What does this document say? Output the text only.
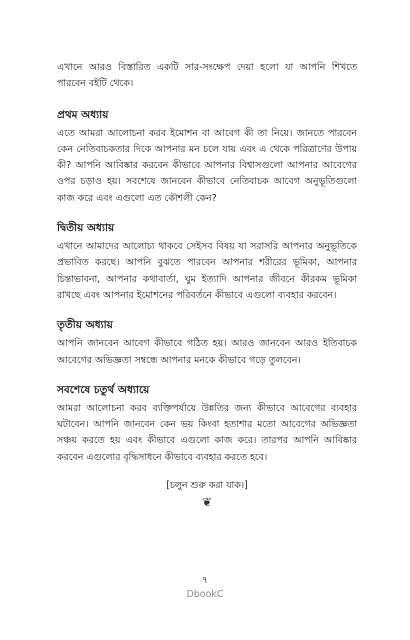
এখানে আরও বিস্তারিত একটি সার-সংক্ষেপ দেয়া হলো যা আপনি শিখতে পারবেন বইটি থেকে।

প্রথম অধ্যায়

এতে আমরা আলোচনা করব ইমোশন বা আবেগ কী তা নিয়ে। জানতে পারবেন কেন নেতিবাচকতার দিকে আপনার মন চলে যায় এবং এ থেকে পরিত্রাণের উপায় কী? আপনি আবিষ্কার করবেন কীভাবে আপনার বিশ্বাসগুলো আপনার আবেগের ওপর চড়াও হয়। সবশেষে জানবেন কীভাবে নেতিবাচক আবেগ অনুভূতিগুলো কাজ করে এবং এগুলো এত কৌশলী কেন?

দ্বিতীয় অধ্যায়

এখানে আমাদের আলোচ্য থাকবে সেইসব বিষয় যা সরাসরি আপনার অনুভূতিকে প্রভাবিত করছে। আপনি বুঝতে পারবেন আপনার শরীরের ভূমিকা, আপনার চিন্তাভাবনা, আপনার কথাবার্তা, ঘুম ইত্যাদি আপনার জীবনে কীরকম ভূমিকা রাখছে এবং আপনার ইমোশনের পরিবর্তনে কীভাবে এগুলো ব্যবহার করবেন।

তৃতীয় অধ্যায়

আপনি জানবেন আবেগ কীভাবে গঠিত হয়। আরও জানবেন আরও ইতিবাচক আবেগের অভিজ্ঞতা সম্বন্ধে আপনার মনকে কীভাবে গড়ে তুলবেন।

সবশেষে চতুর্থ অধ্যায়ে

আমরা আলোচনা করব ব্যক্তিপর্যায়ে উন্নতির জন্য কীভাবে আবেগের ব্যবহার ঘটাবেন। আপনি জানবেন কেন ভয় কিংবা হতাশার মতো আবেগের অভিজ্ঞতা সঞ্চয় করতে হয় এবং কীভাবে এগুলো কাজ করে। তারপর আপনি আবিষ্কার করবেন এগুলোর বৃদ্ধিসাধনে কীভাবে ব্যবহার করতে হবে।

[চলুন শুরু করা যাক।]
❦
৭
DbookC
